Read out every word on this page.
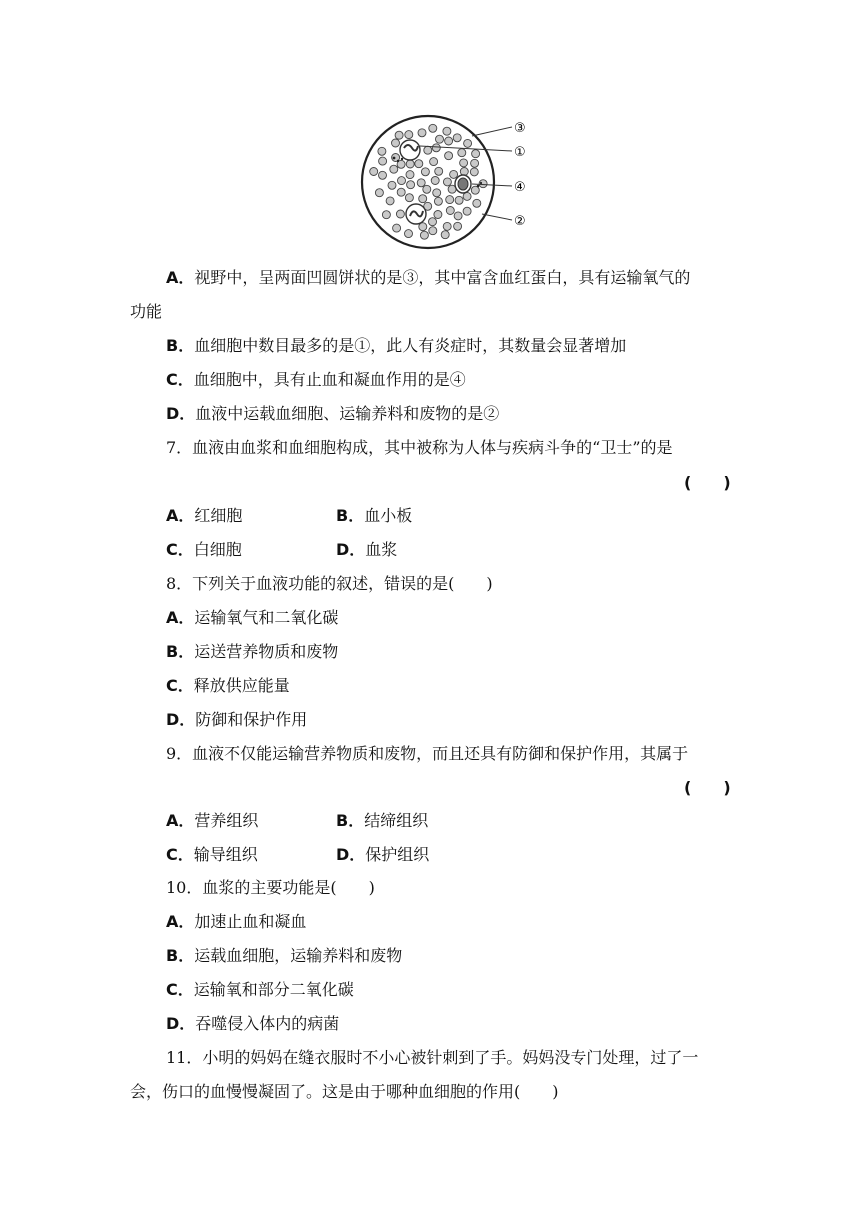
③
①
④
②
A．视野中，呈两面凹圆饼状的是③，其中富含血红蛋白，具有运输氧气的
功能
B．血细胞中数目最多的是①，此人有炎症时，其数量会显著增加
C．血细胞中，具有止血和凝血作用的是④
D．血液中运载血细胞、运输养料和废物的是②
7．血液由血浆和血细胞构成，其中被称为人体与疾病斗争的“卫士”的是
(　　)
A．红细胞	B．血小板
C．白细胞	D．血浆
8．下列关于血液功能的叙述，错误的是(　　)
A．运输氧气和二氧化碳
B．运送营养物质和废物
C．释放供应能量
D．防御和保护作用
9．血液不仅能运输营养物质和废物，而且还具有防御和保护作用，其属于
(　　)
A．营养组织	B．结缔组织
C．输导组织	D．保护组织
10．血浆的主要功能是(　　)
A．加速止血和凝血
B．运载血细胞，运输养料和废物
C．运输氧和部分二氧化碳
D．吞噬侵入体内的病菌
11．小明的妈妈在缝衣服时不小心被针刺到了手。妈妈没专门处理，过了一
会，伤口的血慢慢凝固了。这是由于哪种血细胞的作用(　　)
